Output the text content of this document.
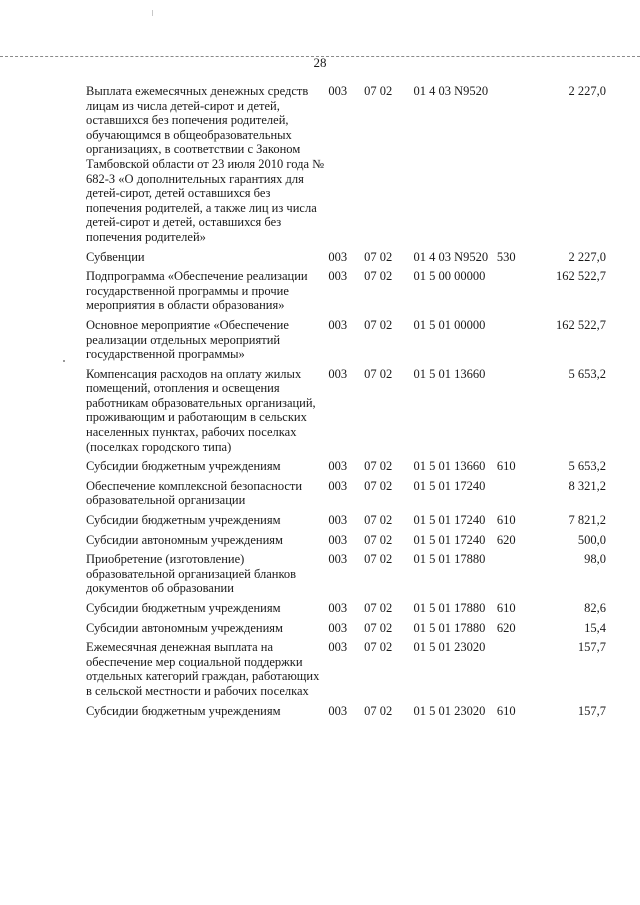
28
Выплата ежемесячных денежных средств лицам из числа детей-сирот и детей, оставшихся без попечения родителей, обучающимся в общеобразовательных организациях, в соответствии с Законом Тамбовской области от 23 июля 2010 года № 682-З «О дополнительных гарантиях для детей-сирот, детей оставшихся без попечения родителей, а также лиц из числа детей-сирот и детей, оставшихся без попечения родителей»	003	07 02	01 4 03 N9520		2 227,0
Субвенции	003	07 02	01 4 03 N9520	530	2 227,0
Подпрограмма «Обеспечение реализации государственной программы и прочие мероприятия в области образования»	003	07 02	01 5 00 00000		162 522,7
Основное мероприятие «Обеспечение реализации отдельных мероприятий государственной программы»	003	07 02	01 5 01 00000		162 522,7
Компенсация расходов на оплату жилых помещений, отопления и освещения работникам образовательных организаций, проживающим и работающим в сельских населенных пунктах, рабочих поселках (поселках городского типа)	003	07 02	01 5 01 13660		5 653,2
Субсидии бюджетным учреждениям	003	07 02	01 5 01 13660	610	5 653,2
Обеспечение комплексной безопасности образовательной организации	003	07 02	01 5 01 17240		8 321,2
Субсидии бюджетным учреждениям	003	07 02	01 5 01 17240	610	7 821,2
Субсидии автономным учреждениям	003	07 02	01 5 01 17240	620	500,0
Приобретение (изготовление) образовательной организацией бланков документов об образовании	003	07 02	01 5 01 17880		98,0
Субсидии бюджетным учреждениям	003	07 02	01 5 01 17880	610	82,6
Субсидии автономным учреждениям	003	07 02	01 5 01 17880	620	15,4
Ежемесячная денежная выплата на обеспечение мер социальной поддержки отдельных категорий граждан, работающих в сельской местности и рабочих поселках	003	07 02	01 5 01 23020		157,7
Субсидии бюджетным учреждениям	003	07 02	01 5 01 23020	610	157,7
